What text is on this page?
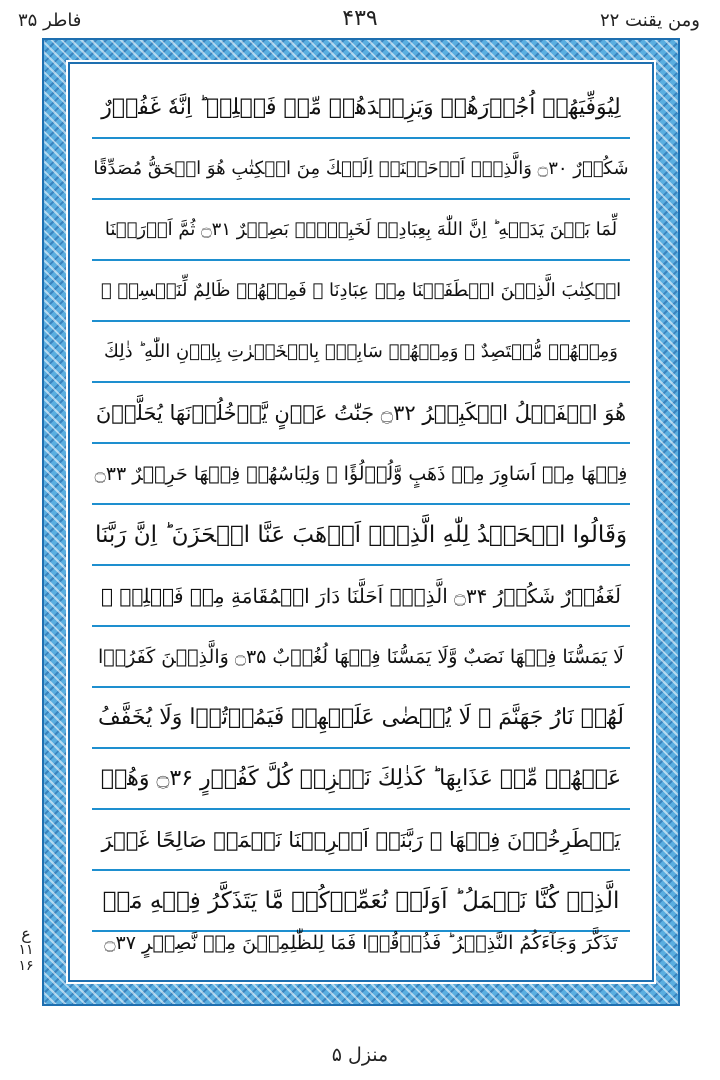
فاطر ۳۵	۴۳۹	ومن یقنت ۲۲
لِیُوَفِّیَهُمۡ اُجُوۡرَهُمۡ وَیَزِیۡدَهُمۡ مِّنۡ فَضۡلِهٖ ؕ اِنَّهٗ غَفُوۡرٌ
شَكُوۡرٌ ۝۳۰ وَالَّذِیۡۤ اَوۡحَیۡنَاۤ اِلَیۡكَ مِنَ الۡكِتٰبِ هُوَ الۡحَقُّ مُصَدِّقًا
لِّمَا بَیۡنَ یَدَیۡهِ ؕ اِنَّ اللّٰهَ بِعِبَادِهٖ لَخَبِیۡرٌۢ بَصِیۡرٌ ۝۳۱ ثُمَّ اَوۡرَثۡنَا
الۡكِتٰبَ الَّذِیۡنَ اصۡطَفَیۡنَا مِنۡ عِبَادِنَا ۚ فَمِنۡهُمۡ ظَالِمٌ لِّنَفۡسِهٖ ۚ
وَمِنۡهُمۡ مُّقۡتَصِدٌ ۚ وَمِنۡهُمۡ سَابِقٌۢ بِالۡخَیۡرٰتِ بِاِذۡنِ اللّٰهِ ؕ ذٰلِكَ
هُوَ الۡفَضۡلُ الۡكَبِیۡرُ ۝۳۲ جَنّٰتُ عَدۡنٍ یَّدۡخُلُوۡنَهَا یُحَلَّوۡنَ
فِیۡهَا مِنۡ اَسَاوِرَ مِنۡ ذَهَبٍ وَّلُؤۡلُؤًا ۚ وَلِبَاسُهُمۡ فِیۡهَا حَرِیۡرٌ ۝۳۳
وَقَالُوا الۡحَمۡدُ لِلّٰهِ الَّذِیۡۤ اَذۡهَبَ عَنَّا الۡحَزَنَ ؕ اِنَّ رَبَّنَا
لَغَفُوۡرٌ شَكُوۡرُ ۝۳۴ الَّذِیۡۤ اَحَلَّنَا دَارَ الۡمُقَامَةِ مِنۡ فَضۡلِهٖ ۚ
لَا یَمَسُّنَا فِیۡهَا نَصَبٌ وَّلَا یَمَسُّنَا فِیۡهَا لُغُوۡبٌ ۝۳۵ وَالَّذِیۡنَ كَفَرُوۡا
لَهُمۡ نَارُ جَهَنَّمَ ۚ لَا یُقۡضٰی عَلَیۡهِمۡ فَیَمُوۡتُوۡا وَلَا یُخَفَّفُ
عَنۡهُمۡ مِّنۡ عَذَابِهَا ؕ كَذٰلِكَ نَجۡزِیۡ كُلَّ كَفُوۡرٍ ۝۳۶ وَهُمۡ
یَصۡطَرِخُوۡنَ فِیۡهَا ۚ رَبَّنَاۤ اَخۡرِجۡنَا نَعۡمَلۡ صَالِحًا غَیۡرَ
الَّذِیۡ كُنَّا نَعۡمَلُ ؕ اَوَلَمۡ نُعَمِّرۡكُمۡ مَّا یَتَذَكَّرُ فِیۡهِ مَنۡ
تَذَكَّرَ وَجَآءَكُمُ النَّذِیۡرُ ؕ فَذُوۡقُوۡا فَمَا لِلظّٰلِمِیۡنَ مِنۡ نَّصِیۡرٍ ۝۳۷
ع
۱۱
۱۶
منزل ۵
